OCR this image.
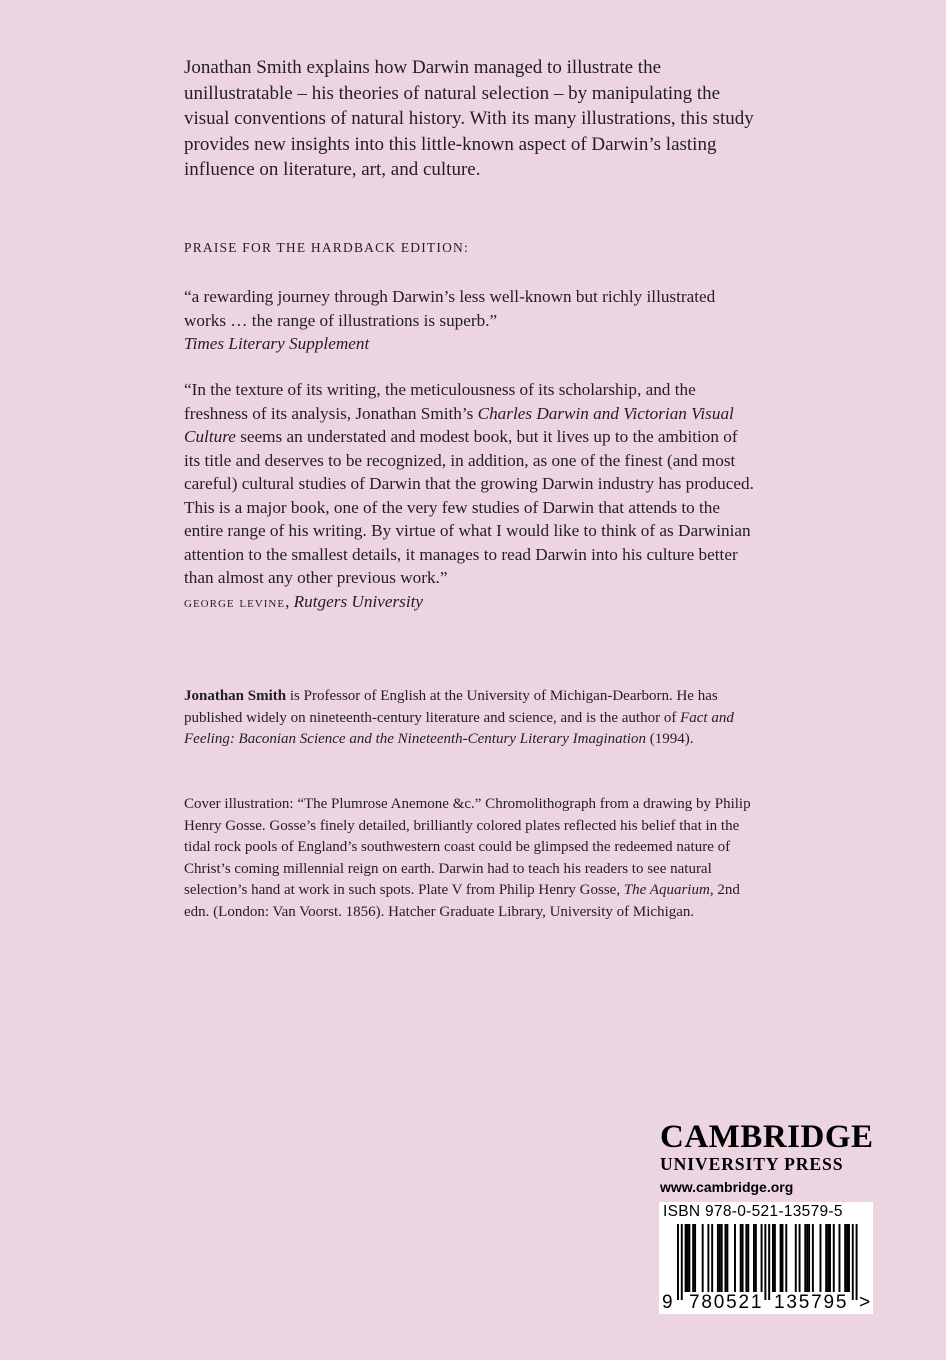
Jonathan Smith explains how Darwin managed to illustrate the unillustratable – his theories of natural selection – by manipulating the visual conventions of natural history. With its many illustrations, this study provides new insights into this little-known aspect of Darwin’s lasting influence on literature, art, and culture.

PRAISE FOR THE HARDBACK EDITION:

“a rewarding journey through Darwin’s less well-known but richly illustrated works … the range of illustrations is superb.”

Times Literary Supplement

“In the texture of its writing, the meticulousness of its scholarship, and the freshness of its analysis, Jonathan Smith’s Charles Darwin and Victorian Visual Culture seems an understated and modest book, but it lives up to the ambition of its title and deserves to be recognized, in addition, as one of the finest (and most careful) cultural studies of Darwin that the growing Darwin industry has produced. This is a major book, one of the very few studies of Darwin that attends to the entire range of his writing. By virtue of what I would like to think of as Darwinian attention to the smallest details, it manages to read Darwin into his culture better than almost any other previous work.”

george levine, Rutgers University

Jonathan Smith is Professor of English at the University of Michigan-Dearborn. He has published widely on nineteenth-century literature and science, and is the author of Fact and Feeling: Baconian Science and the Nineteenth-Century Literary Imagination (1994).

Cover illustration: “The Plumrose Anemone &c.” Chromolithograph from a drawing by Philip Henry Gosse. Gosse’s finely detailed, brilliantly colored plates reflected his belief that in the tidal rock pools of England’s southwestern coast could be glimpsed the redeemed nature of Christ’s coming millennial reign on earth. Darwin had to teach his readers to see natural selection’s hand at work in such spots. Plate V from Philip Henry Gosse, The Aquarium, 2nd edn. (London: Van Voorst. 1856). Hatcher Graduate Library, University of Michigan.

CAMBRIDGE
UNIVERSITY PRESS
www.cambridge.org
ISBN 978-0-521-13579-5
9 780521 135795 >
